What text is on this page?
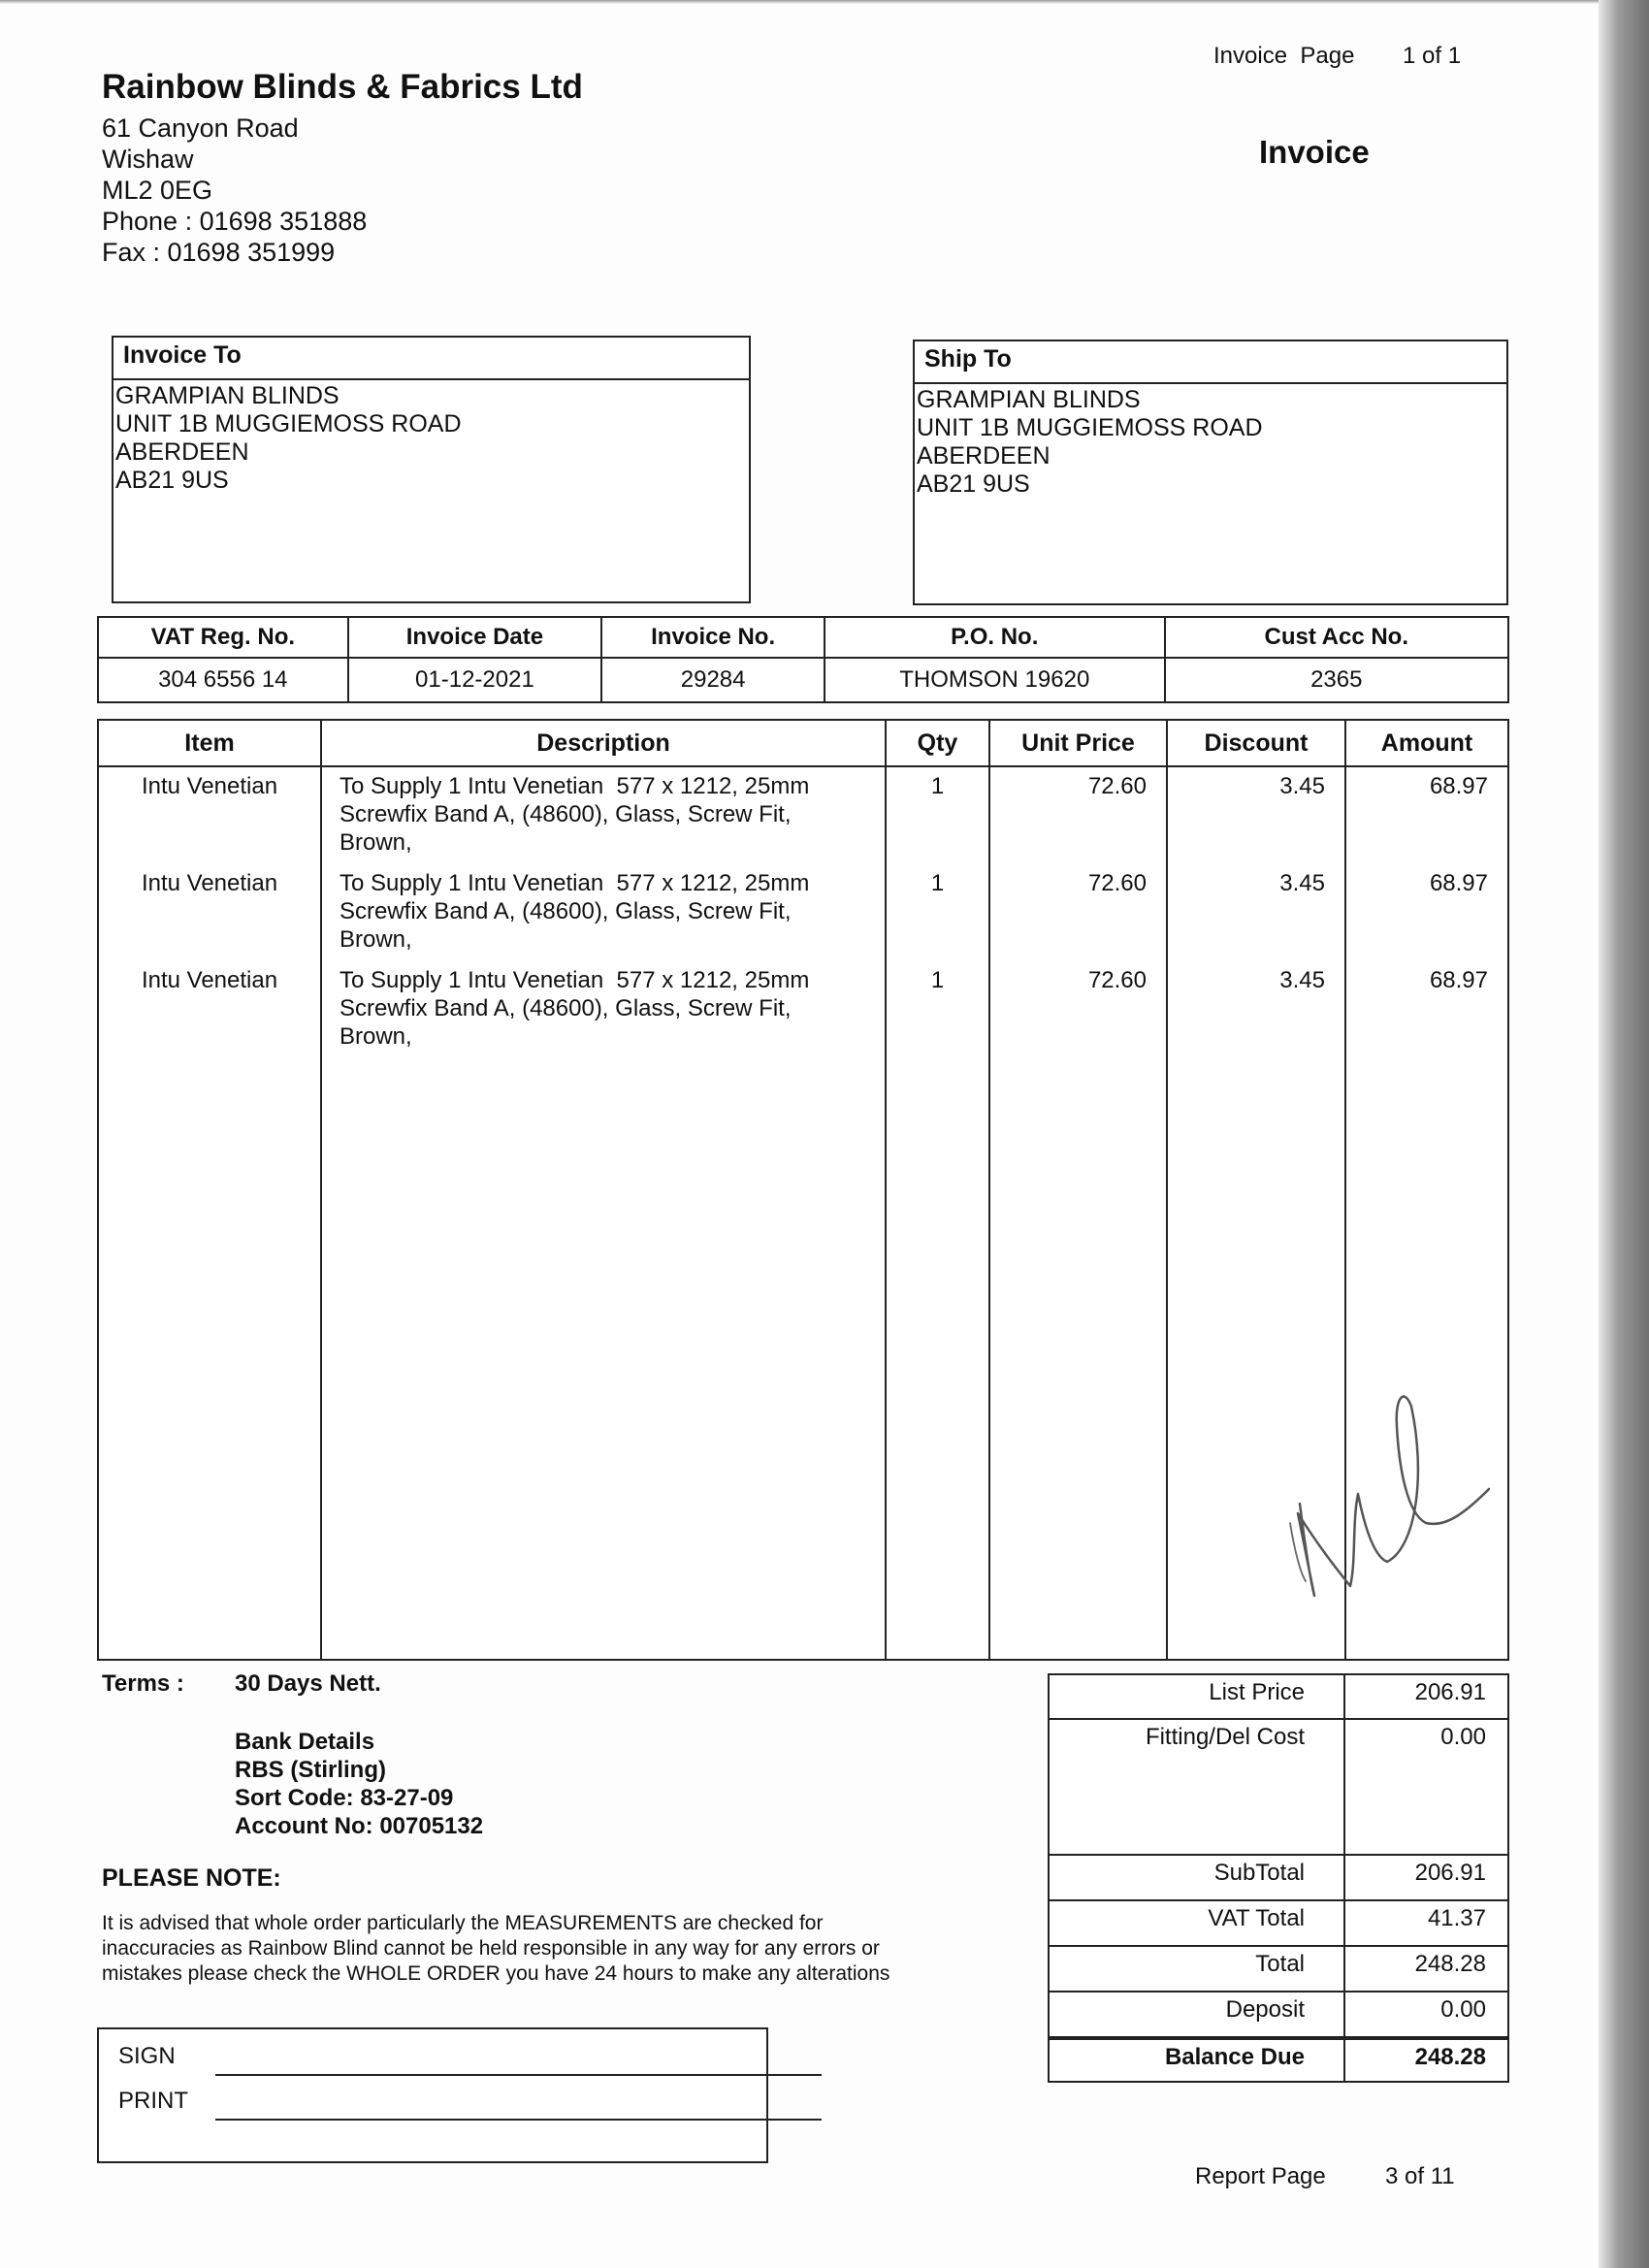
Rainbow Blinds & Fabrics Ltd
61 Canyon Road
Wishaw
ML2 0EG
Phone : 01698 351888
Fax : 01698 351999
Invoice  Page 1 of 1
Invoice
Invoice To
GRAMPIAN BLINDS
UNIT 1B MUGGIEMOSS ROAD
ABERDEEN
AB21 9US
Ship To
GRAMPIAN BLINDS
UNIT 1B MUGGIEMOSS ROAD
ABERDEEN
AB21 9US
VAT Reg. No.	Invoice Date	Invoice No.	P.O. No.	Cust Acc No.
304 6556 14	01-12-2021	29284	THOMSON 19620	2365
Item	Description	Qty	Unit Price	Discount	Amount
Intu Venetian	To Supply 1 Intu Venetian  577 x 1212, 25mm
Screwfix Band A, (48600), Glass, Screw Fit,
Brown,
1	72.60	3.45	68.97
Intu Venetian	To Supply 1 Intu Venetian  577 x 1212, 25mm
Screwfix Band A, (48600), Glass, Screw Fit,
Brown,
1	72.60	3.45	68.97
Intu Venetian	To Supply 1 Intu Venetian  577 x 1212, 25mm
Screwfix Band A, (48600), Glass, Screw Fit,
Brown,
1	72.60	3.45	68.97
Terms : 30 Days Nett.
Bank Details
RBS (Stirling)
Sort Code: 83-27-09
Account No: 00705132
PLEASE NOTE:
It is advised that whole order particularly the MEASUREMENTS are checked for
inaccuracies as Rainbow Blind cannot be held responsible in any way for any errors or
mistakes please check the WHOLE ORDER you have 24 hours to make any alterations
SIGN
PRINT
List Price	206.91
Fitting/Del Cost	0.00
SubTotal	206.91
VAT Total	41.37
Total	248.28
Deposit	0.00
Balance Due	248.28
Report Page	3 of 11
